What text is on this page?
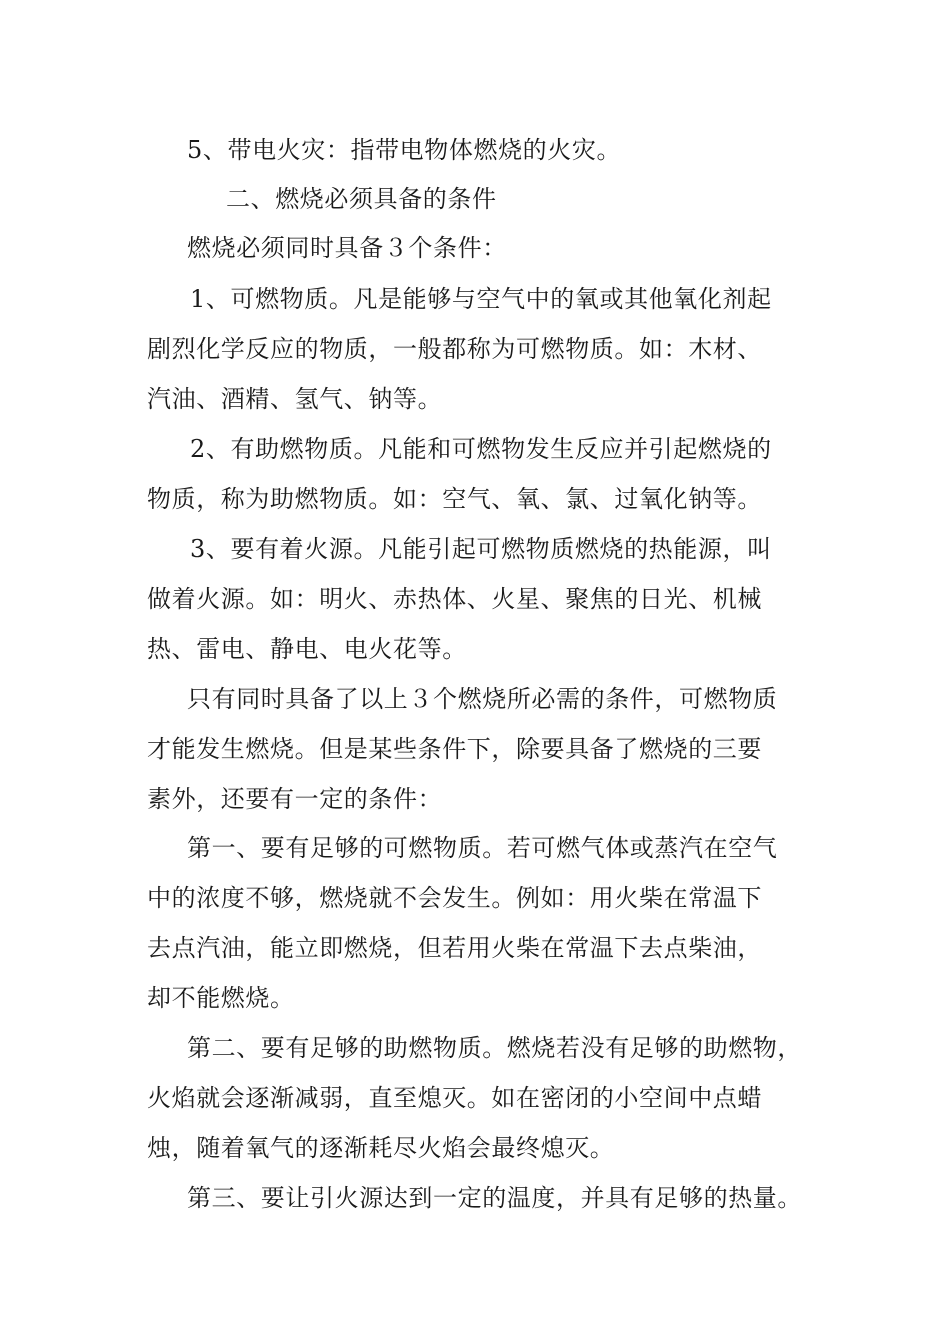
5、带电火灾：指带电物体燃烧的火灾。
二、燃烧必须具备的条件
燃烧必须同时具备３个条件：
1、可燃物质。凡是能够与空气中的氧或其他氧化剂起
剧烈化学反应的物质，一般都称为可燃物质。如：木材、
汽油、酒精、氢气、钠等。
2、有助燃物质。凡能和可燃物发生反应并引起燃烧的
物质，称为助燃物质。如：空气、氧、氯、过氧化钠等。
3、要有着火源。凡能引起可燃物质燃烧的热能源，叫
做着火源。如：明火、赤热体、火星、聚焦的日光、机械
热、雷电、静电、电火花等。
只有同时具备了以上３个燃烧所必需的条件，可燃物质
才能发生燃烧。但是某些条件下，除要具备了燃烧的三要
素外，还要有一定的条件：
第一、要有足够的可燃物质。若可燃气体或蒸汽在空气
中的浓度不够，燃烧就不会发生。例如：用火柴在常温下
去点汽油，能立即燃烧，但若用火柴在常温下去点柴油，
却不能燃烧。
第二、要有足够的助燃物质。燃烧若没有足够的助燃物，
火焰就会逐渐减弱，直至熄灭。如在密闭的小空间中点蜡
烛，随着氧气的逐渐耗尽火焰会最终熄灭。
第三、要让引火源达到一定的温度，并具有足够的热量。
